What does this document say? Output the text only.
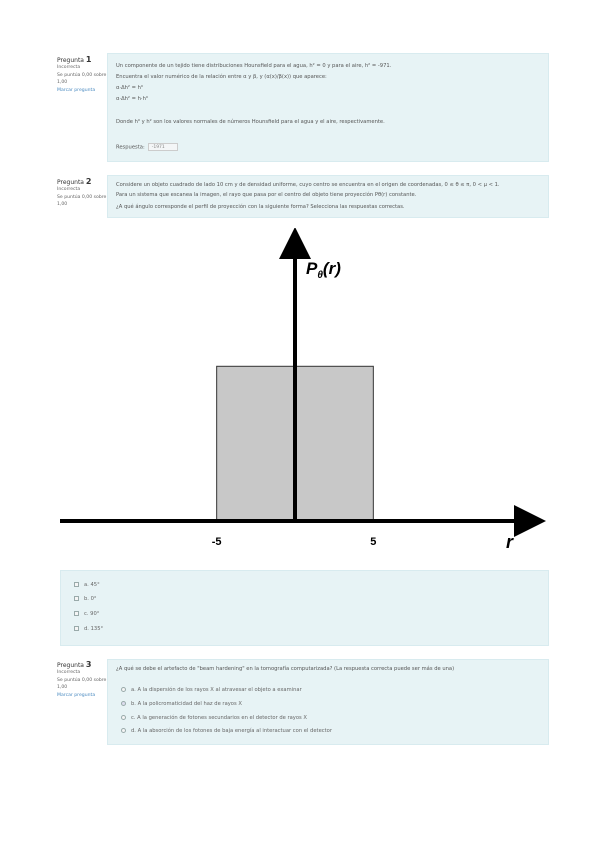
Pregunta 1
Incorrecta
Se puntúa 0,00 sobre 1,00
Marcar pregunta
Un componente de un tejido tiene distribuciones Hounsfield para el agua, h² = 0 y para el aire, h² = -971.
Encuentra el valor numérico de la relación entre α y β, y (α(x)/β(x)) que aparece:
α·Δh² = h⁰
α·Δh² = h·h⁰
Donde h⁰ y h² son los valores normales de números Hounsfield para el agua y el aire, respectivamente.
Respuesta: -1971
Pregunta 2
Incorrecta
Se puntúa 0,00 sobre 1,00
Considere un objeto cuadrado de lado 10 cm y de densidad uniforme, cuyo centro se encuentra en el origen de coordenadas, 0 ≤ θ ≤ π, 0 < μ < 1.
Para un sistema que escanea la imagen, el rayo que pasa por el centro del objeto tiene proyección Pθ(r) constante.
¿A qué ángulo corresponde el perfil de proyección con la siguiente forma? Selecciona las respuestas correctas.
-5	5
$P_\theta(r)$
r
a. 45°
b. 0°
c. 90°
d. 135°
Pregunta 3
Incorrecta
Se puntúa 0,00 sobre 1,00
Marcar pregunta
¿A qué se debe el artefacto de "beam hardening" en la tomografía computarizada? (La respuesta correcta puede ser más de una)
a. A la dispersión de los rayos X al atravesar el objeto a examinar
b. A la policromaticidad del haz de rayos X
c. A la generación de fotones secundarios en el detector de rayos X
d. A la absorción de los fotones de baja energía al interactuar con el detector
